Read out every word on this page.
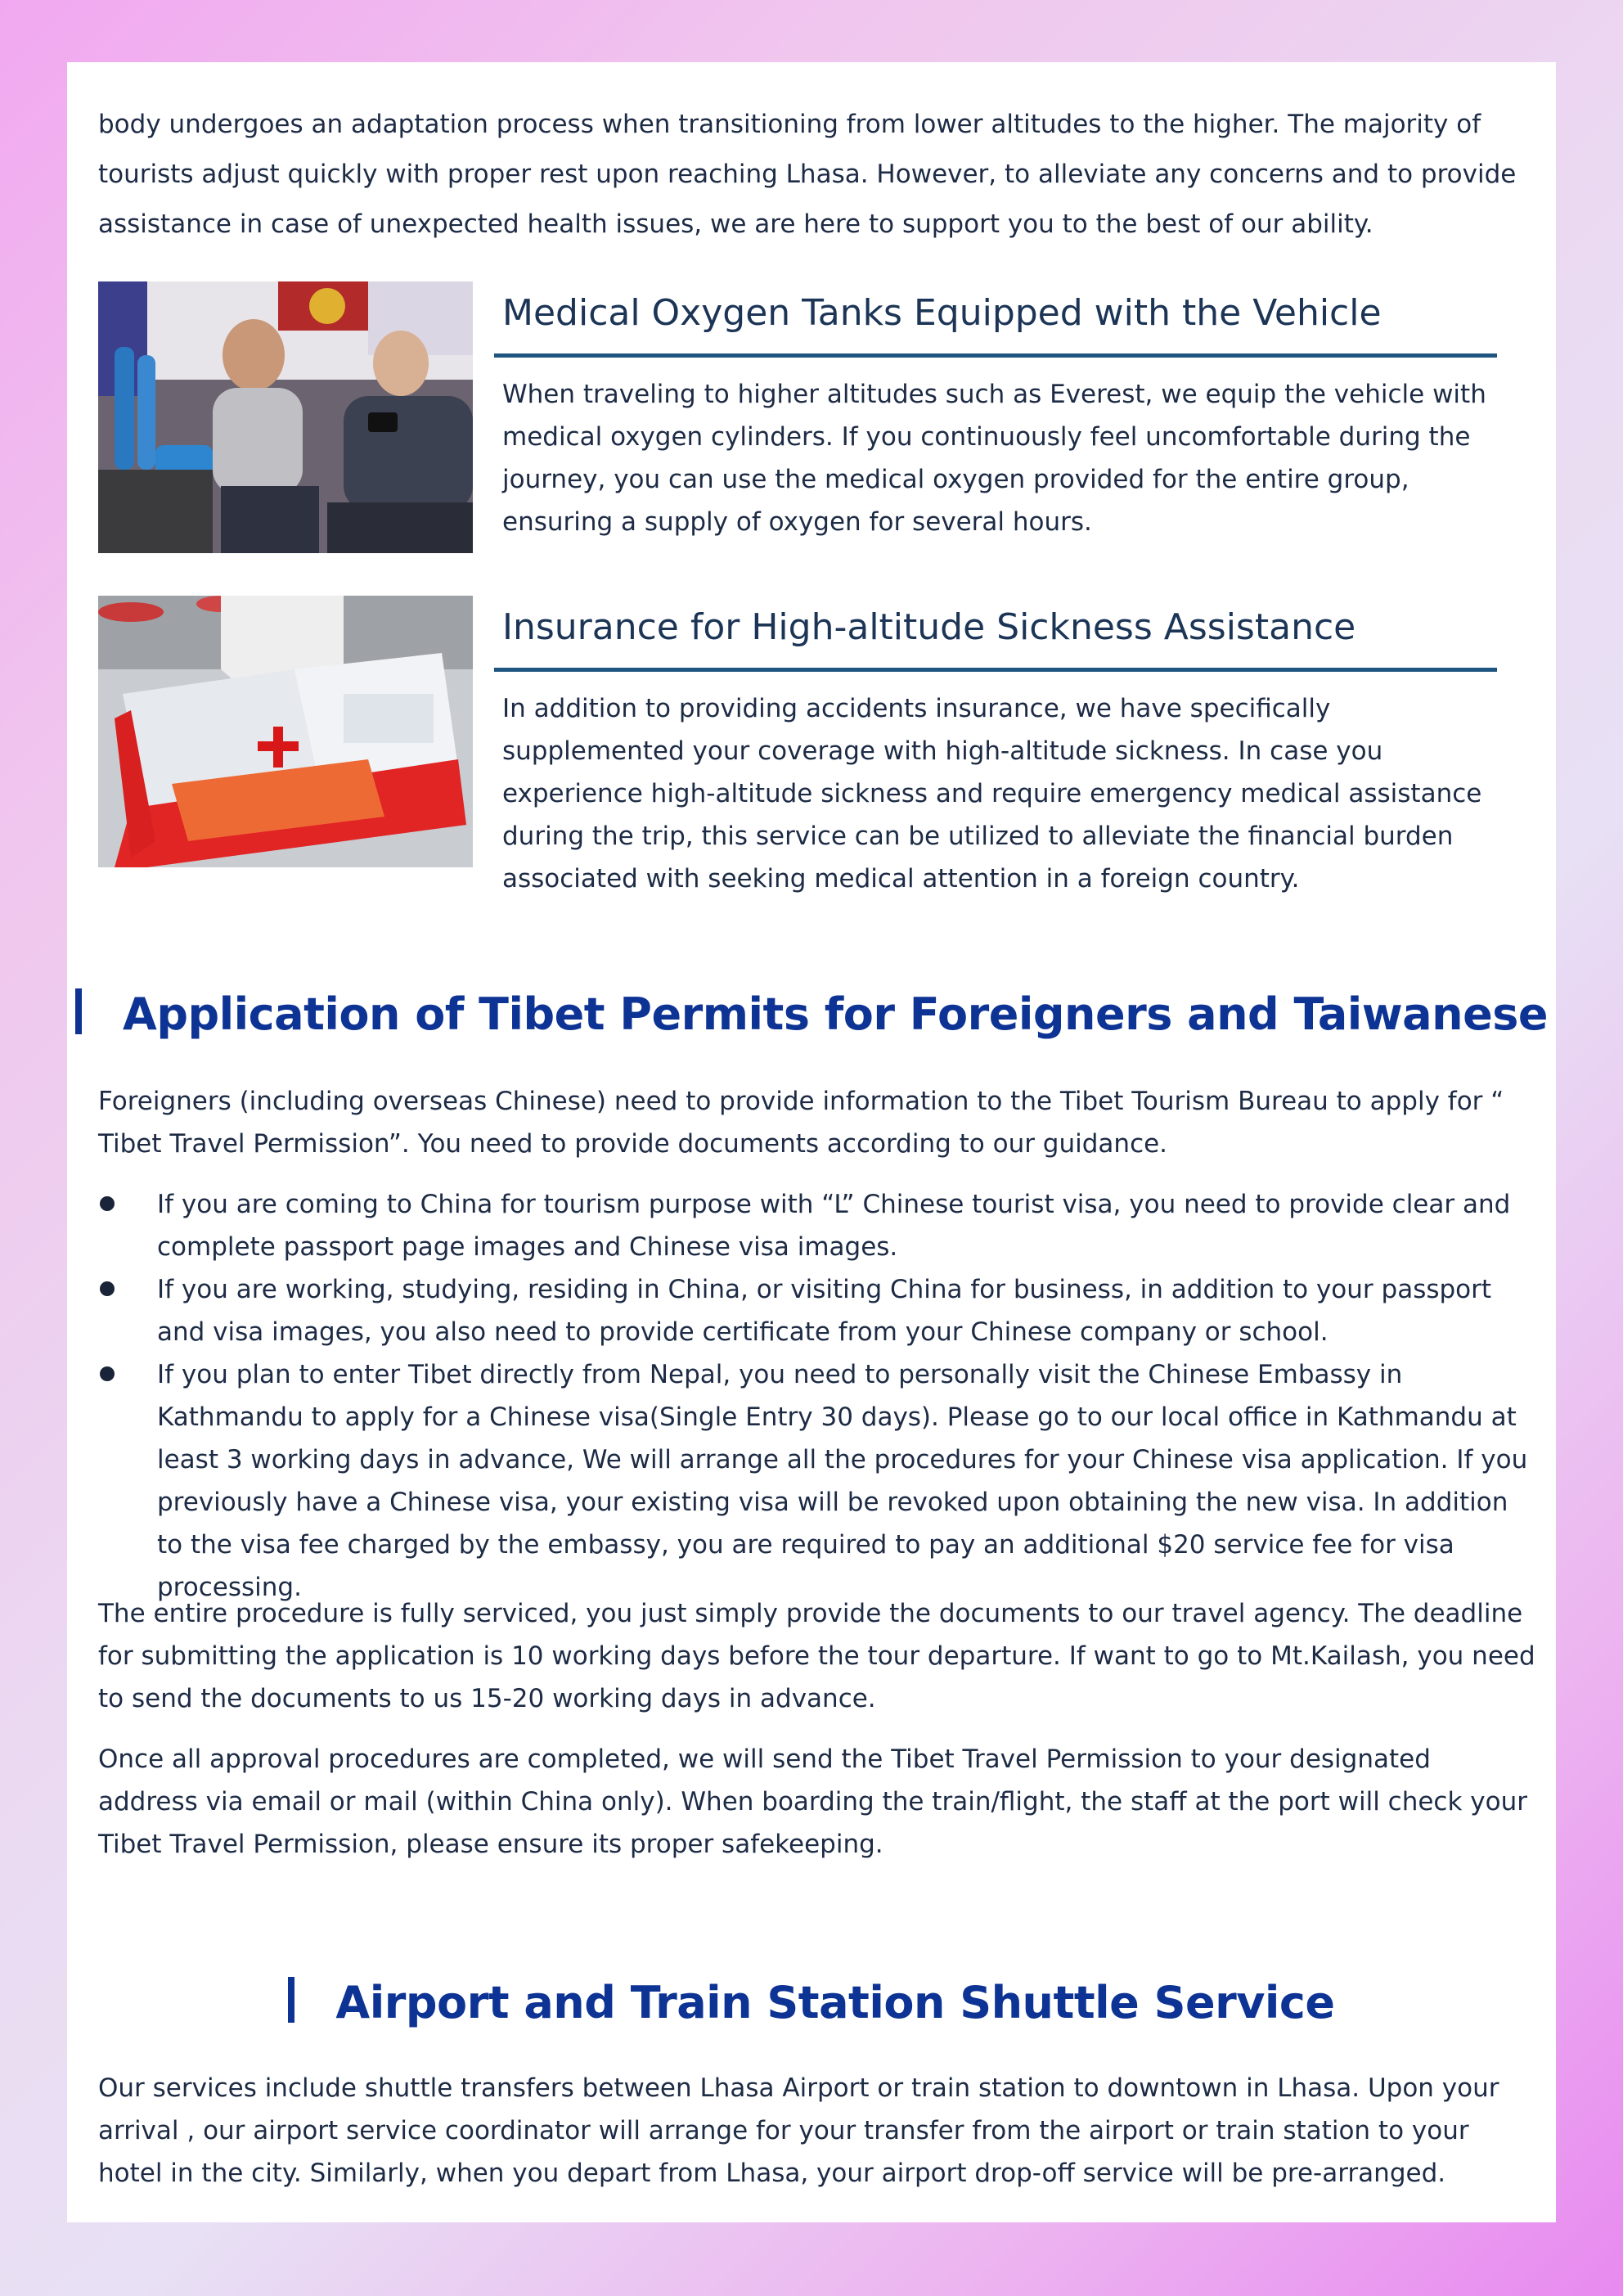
body undergoes an adaptation process when transitioning from lower altitudes to the higher. The majority of tourists adjust quickly with proper rest upon reaching Lhasa. However, to alleviate any concerns and to provide assistance in case of unexpected health issues, we are here to support you to the best of our ability.

Medical Oxygen Tanks Equipped with the Vehicle

When traveling to higher altitudes such as Everest, we equip the vehicle with medical oxygen cylinders. If you continuously feel uncomfortable during the journey, you can use the medical oxygen provided for the entire group, ensuring a supply of oxygen for several hours.

Insurance for High-altitude Sickness Assistance

In addition to providing accidents insurance, we have specifically supplemented your coverage with high-altitude sickness. In case you experience high-altitude sickness and require emergency medical assistance during the trip, this service can be utilized to alleviate the financial burden associated with seeking medical attention in a foreign country.

Application of Tibet Permits for Foreigners and Taiwanese

Foreigners (including overseas Chinese) need to provide information to the Tibet Tourism Bureau to apply for “ Tibet Travel Permission”. You need to provide documents according to our guidance.

If you are coming to China for tourism purpose with “L” Chinese tourist visa, you need to provide clear and complete passport page images and Chinese visa images.
If you are working, studying, residing in China, or visiting China for business, in addition to your passport and visa images, you also need to provide certificate from your Chinese company or school.
If you plan to enter Tibet directly from Nepal, you need to personally visit the Chinese Embassy in Kathmandu to apply for a Chinese visa(Single Entry 30 days). Please go to our local office in Kathmandu at least 3 working days in advance, We will arrange all the procedures for your Chinese visa application. If you previously have a Chinese visa, your existing visa will be revoked upon obtaining the new visa. In addition to the visa fee charged by the embassy, you are required to pay an additional $20 service fee for visa processing.

The entire procedure is fully serviced, you just simply provide the documents to our travel agency. The deadline for submitting the application is 10 working days before the tour departure. If want to go to Mt.Kailash, you need to send the documents to us 15-20 working days in advance.

Once all approval procedures are completed, we will send the Tibet Travel Permission to your designated address via email or mail (within China only). When boarding the train/flight, the staff at the port will check your Tibet Travel Permission, please ensure its proper safekeeping.

Airport and Train Station Shuttle Service

Our services include shuttle transfers between Lhasa Airport or train station to downtown in Lhasa. Upon your arrival , our airport service coordinator will arrange for your transfer from the airport or train station to your hotel in the city. Similarly, when you depart from Lhasa, your airport drop-off service will be pre-arranged.
